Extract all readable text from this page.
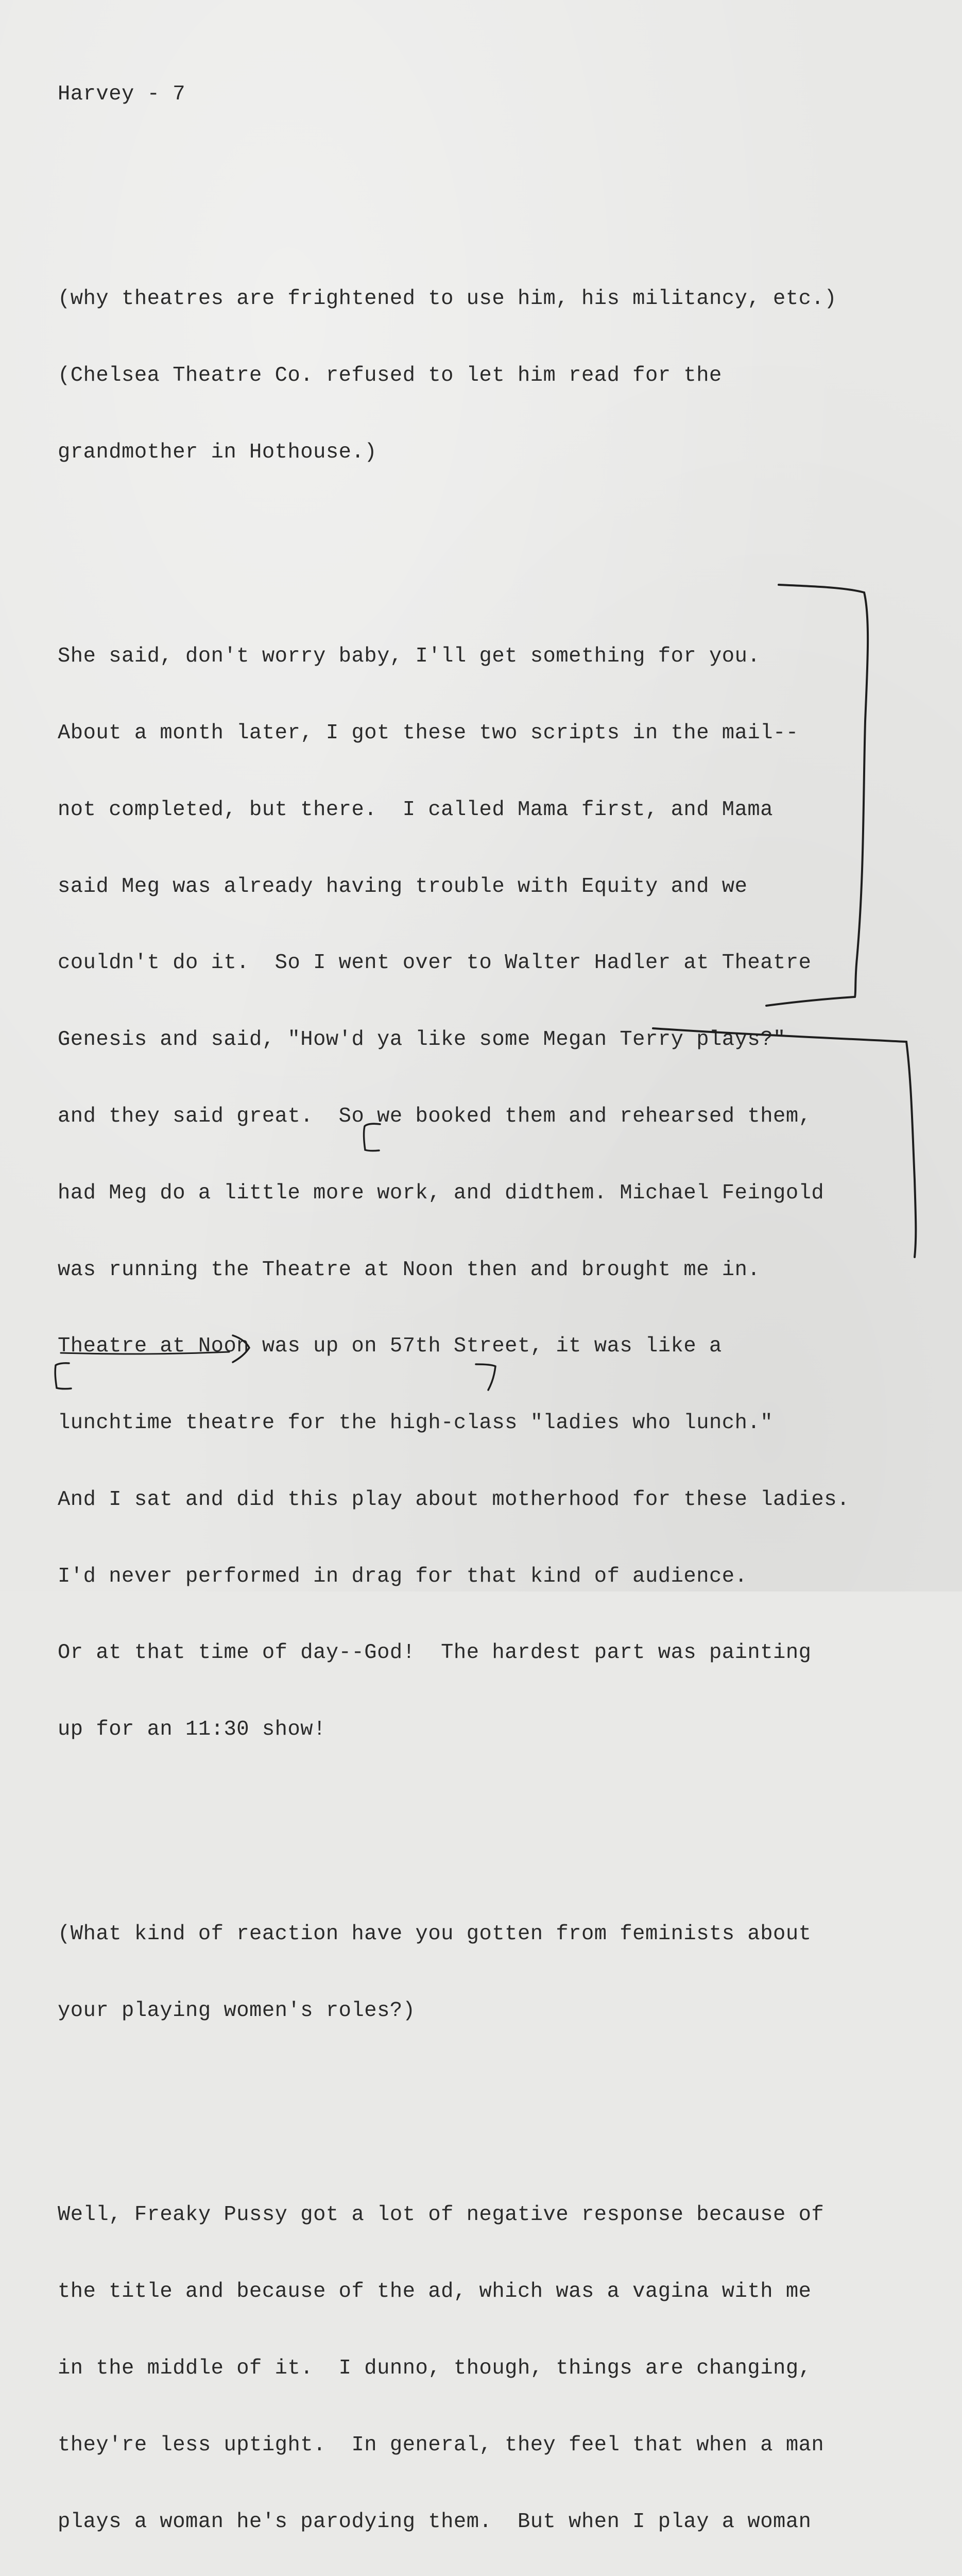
Harvey - 7

(why theatres are frightened to use him, his militancy, etc.)

(Chelsea Theatre Co. refused to let him read for the

grandmother in Hothouse.)

She said, don't worry baby, I'll get something for you.

About a month later, I got these two scripts in the mail--

not completed, but there.  I called Mama first, and Mama

said Meg was already having trouble with Equity and we

couldn't do it.  So I went over to Walter Hadler at Theatre

Genesis and said, "How'd ya like some Megan Terry plays?"

and they said great.  So we booked them and rehearsed them,

had Meg do a little more work, and didthem. Michael Feingold

was running the Theatre at Noon then and brought me in.

Theatre at Noon was up on 57th Street, it was like a

lunchtime theatre for the high-class "ladies who lunch."

And I sat and did this play about motherhood for these ladies.

I'd never performed in drag for that kind of audience.

Or at that time of day--God!  The hardest part was painting

up for an 11:30 show!

(What kind of reaction have you gotten from feminists about

your playing women's roles?)

Well, Freaky Pussy got a lot of negative response because of

the title and because of the ad, which was a vagina with me

in the middle of it.  I dunno, though, things are changing,

they're less uptight.  In general, they feel that when a man

plays a woman he's parodying them.  But when I play a woman
